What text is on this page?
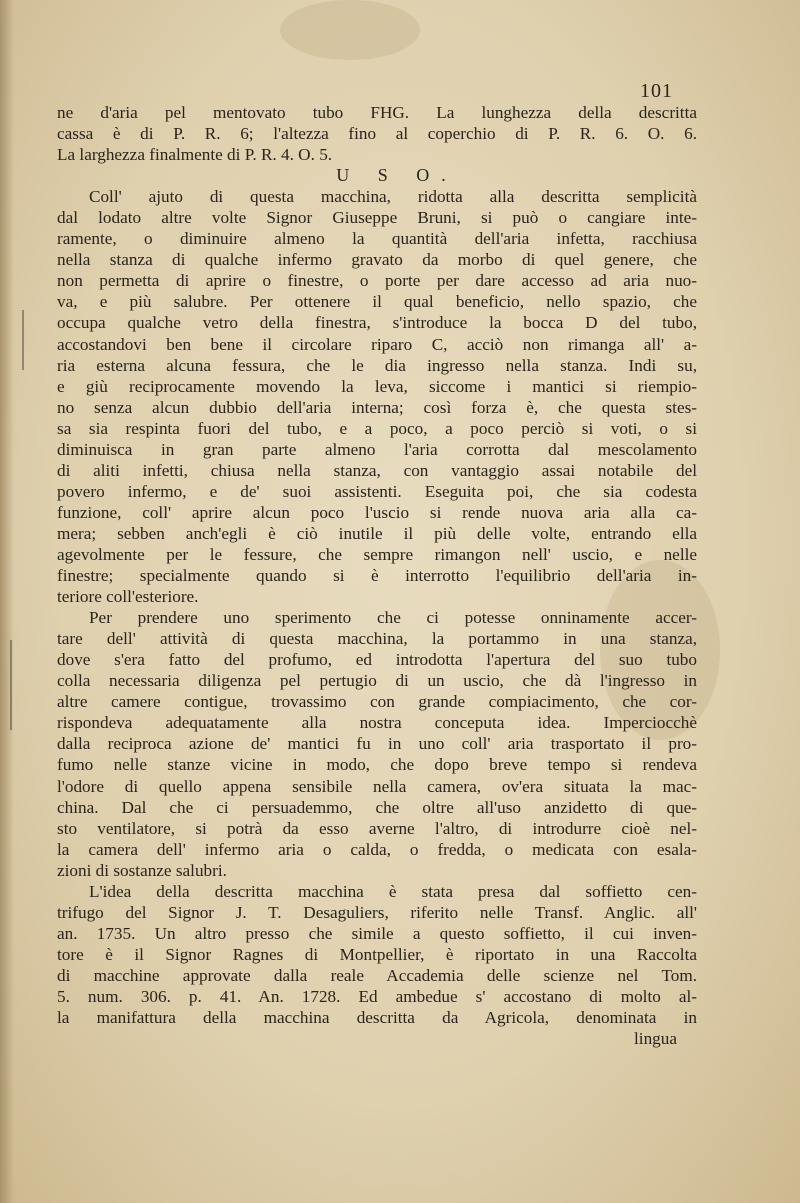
101
ne d'aria pel mentovato tubo FHG. La lunghezza della descritta
cassa è di P. R. 6; l'altezza fino al coperchio di P. R. 6. O. 6.
La larghezza finalmente di P. R. 4. O. 5.
U S O.
Coll' ajuto di questa macchina, ridotta alla descritta semplicità
dal lodato altre volte Signor Giuseppe Bruni, si può o cangiare inte-
ramente, o diminuire almeno la quantità dell'aria infetta, racchiusa
nella stanza di qualche infermo gravato da morbo di quel genere, che
non permetta di aprire o finestre, o porte per dare accesso ad aria nuo-
va, e più salubre. Per ottenere il qual beneficio, nello spazio, che
occupa qualche vetro della finestra, s'introduce la bocca D del tubo,
accostandovi ben bene il circolare riparo C, acciò non rimanga all' a-
ria esterna alcuna fessura, che le dia ingresso nella stanza. Indi su,
e giù reciprocamente movendo la leva, siccome i mantici si riempio-
no senza alcun dubbio dell'aria interna; così forza è, che questa stes-
sa sia respinta fuori del tubo, e a poco, a poco perciò si voti, o si
diminuisca in gran parte almeno l'aria corrotta dal mescolamento
di aliti infetti, chiusa nella stanza, con vantaggio assai notabile del
povero infermo, e de' suoi assistenti. Eseguita poi, che sia codesta
funzione, coll' aprire alcun poco l'uscio si rende nuova aria alla ca-
mera; sebben anch'egli è ciò inutile il più delle volte, entrando ella
agevolmente per le fessure, che sempre rimangon nell' uscio, e nelle
finestre; specialmente quando si è interrotto l'equilibrio dell'aria in-
teriore coll'esteriore.
Per prendere uno sperimento che ci potesse onninamente accer-
tare dell' attività di questa macchina, la portammo in una stanza,
dove s'era fatto del profumo, ed introdotta l'apertura del suo tubo
colla necessaria diligenza pel pertugio di un uscio, che dà l'ingresso in
altre camere contigue, trovassimo con grande compiacimento, che cor-
rispondeva adequatamente alla nostra conceputa idea. Imperciocchè
dalla reciproca azione de' mantici fu in uno coll' aria trasportato il pro-
fumo nelle stanze vicine in modo, che dopo breve tempo si rendeva
l'odore di quello appena sensibile nella camera, ov'era situata la mac-
china. Dal che ci persuademmo, che oltre all'uso anzidetto di que-
sto ventilatore, si potrà da esso averne l'altro, di introdurre cioè nel-
la camera dell' infermo aria o calda, o fredda, o medicata con esala-
zioni di sostanze salubri.
L'idea della descritta macchina è stata presa dal soffietto cen-
trifugo del Signor J. T. Desaguliers, riferito nelle Transf. Anglic. all'
an. 1735. Un altro presso che simile a questo soffietto, il cui inven-
tore è il Signor Ragnes di Montpellier, è riportato in una Raccolta
di macchine approvate dalla reale Accademia delle scienze nel Tom.
5. num. 306. p. 41. An. 1728. Ed ambedue s' accostano di molto al-
la manifattura della macchina descritta da Agricola, denominata in
lingua
